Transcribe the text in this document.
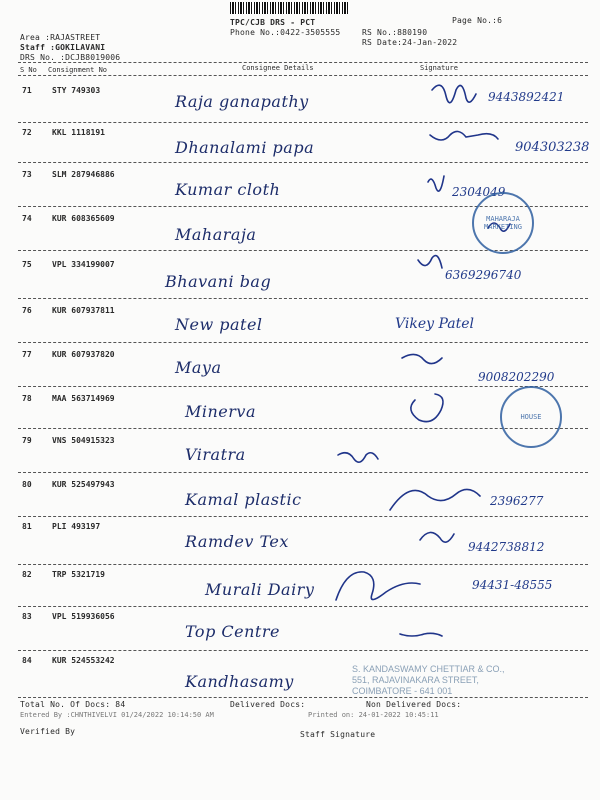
TPC/CJB DRS - PCT
Phone No.:0422-3505555	RS No.:880190
RS Date:24-Jan-2022
Page No.:6
Area :RAJASTREET
Staff :GOKILAVANI
DRS No. :DCJB8019006
S No Consignment No	Consignee Details	Signature
71	STY 749303
Raja ganapathy	9443892421
72	KKL 1118191
Dhanalami papa	904303238
73	SLM 287946886
Kumar cloth	2304049
74	KUR 608365609
Maharaja
75	VPL 334199007
Bhavani bag	6369296740
76	KUR 607937811
New patel	Vikey Patel
77	KUR 607937820
Maya	9008202290
78	MAA 563714969
Minerva
79	VNS 504915323
Viratra
80	KUR 525497943
Kamal plastic	2396277
81	PLI 493197
Ramdev Tex	9442738812
82	TRP 5321719
Murali Dairy	94431-48555
83	VPL 519936056
Top Centre
84	KUR 524553242
Kandhasamy
MAHARAJA MARKETING
HOUSE
S. KANDASWAMY CHETTIAR & CO.,
551, RAJAVINAKARA STREET,
COIMBATORE - 641 001
Total No. Of Docs: 84	Delivered Docs:	Non Delivered Docs:
Entered By :CHNTHIVELVI 01/24/2022 10:14:50 AM	Printed on: 24-01-2022 10:45:11
Verified By	Staff Signature
